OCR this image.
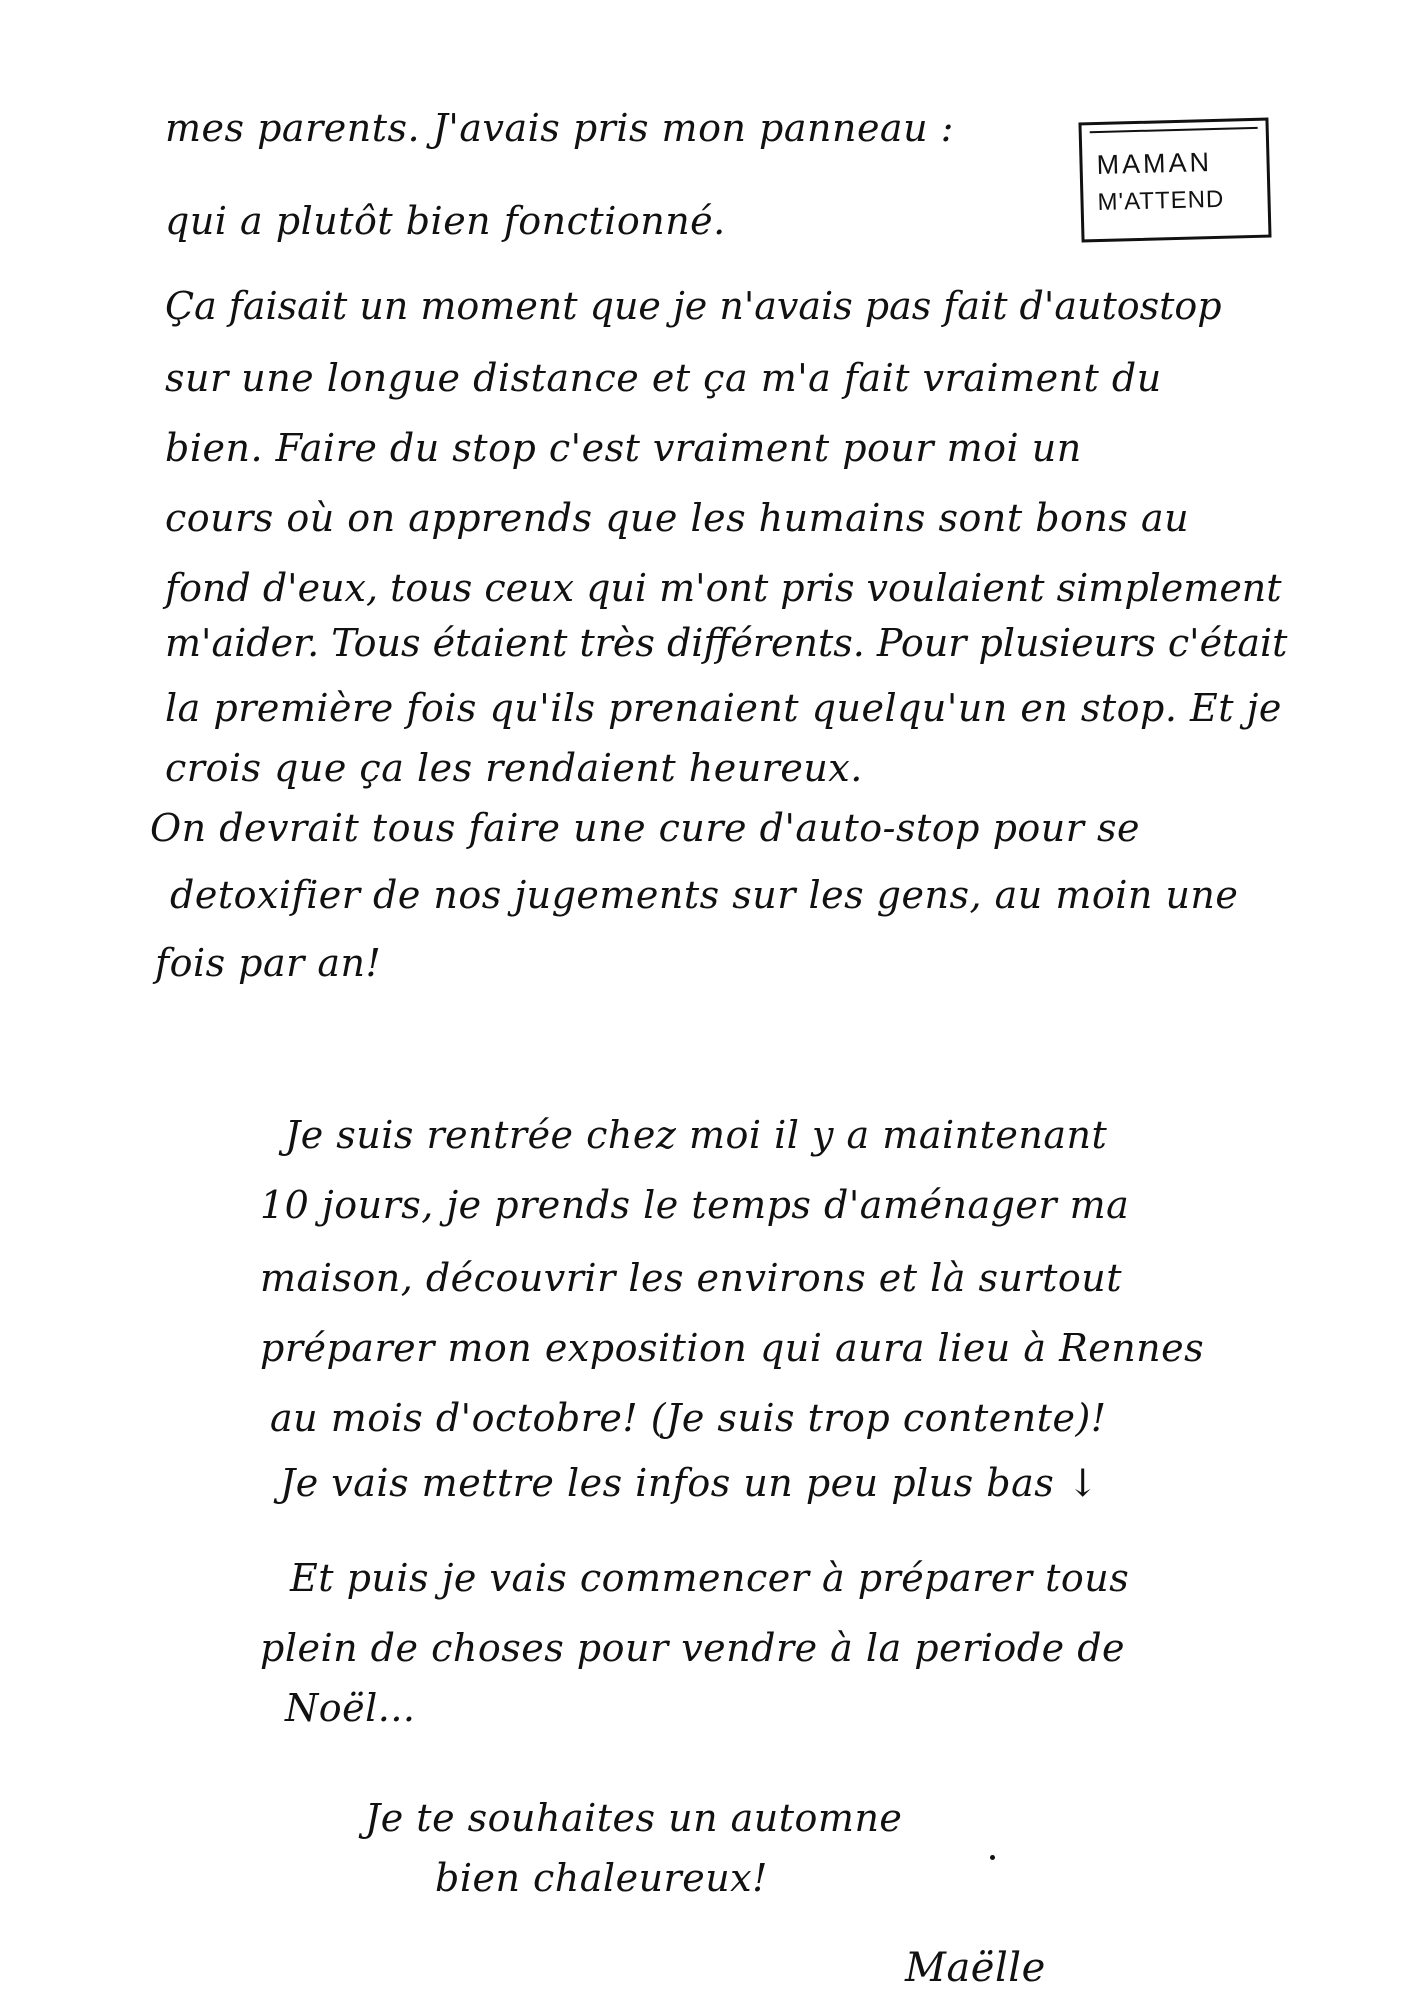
mes parents. J'avais pris mon panneau :
qui a plutôt bien fonctionné.
Ça faisait un moment que je n'avais pas fait d'autostop
sur une longue distance et ça m'a fait vraiment du
bien. Faire du stop c'est vraiment pour moi un
cours où on apprends que les humains sont bons au
fond d'eux, tous ceux qui m'ont pris voulaient simplement
m'aider. Tous étaient très différents. Pour plusieurs c'était
la première fois qu'ils prenaient quelqu'un en stop. Et je
crois que ça les rendaient heureux.
On devrait tous faire une cure d'auto-stop pour se
detoxifier de nos jugements sur les gens, au moin une
fois par an!
MAMAN
M'ATTEND
Je suis rentrée chez moi il y a maintenant
10 jours, je prends le temps d'aménager ma
maison, découvrir les environs et là surtout
préparer mon exposition qui aura lieu à Rennes
au mois d'octobre! (Je suis trop contente)!
Je vais mettre les infos un peu plus bas ↓
Et puis je vais commencer à préparer tous
plein de choses pour vendre à la periode de
Noël...
Je te souhaites un automne
bien chaleureux!
Maëlle
